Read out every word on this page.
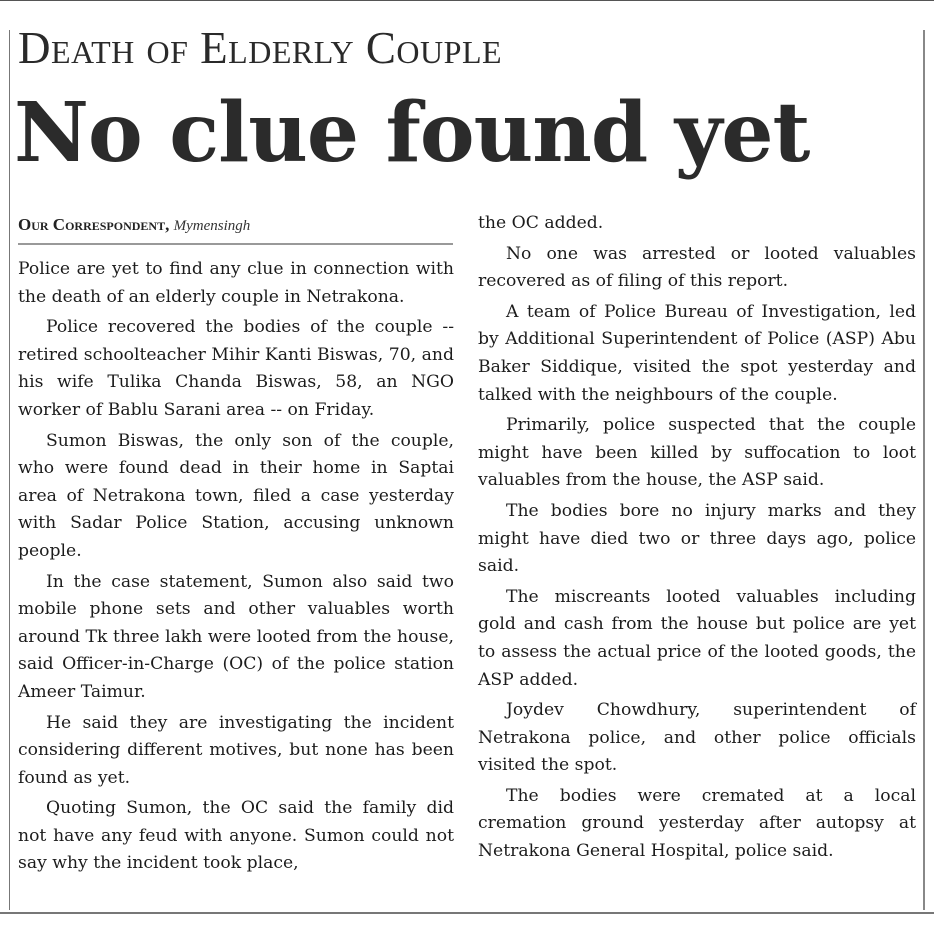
Death of Elderly Couple
No clue found yet
Our Correspondent, Mymensingh

Police are yet to find any clue in connection with the death of an elderly couple in Netrakona.

Police recovered the bodies of the couple -- retired schoolteacher Mihir Kanti Biswas, 70, and his wife Tulika Chanda Biswas, 58, an NGO worker of Bablu Sarani area -- on Friday.

Sumon Biswas, the only son of the couple, who were found dead in their home in Saptai area of Netrakona town, filed a case yesterday with Sadar Police Station, accusing unknown people.

In the case statement, Sumon also said two mobile phone sets and other valuables worth around Tk three lakh were looted from the house, said Officer-in-Charge (OC) of the police station Ameer Taimur.

He said they are investigating the incident considering different motives, but none has been found as yet.

Quoting Sumon, the OC said the family did not have any feud with anyone. Sumon could not say why the incident took place,

the OC added.

No one was arrested or looted valuables recovered as of filing of this report.

A team of Police Bureau of Investigation, led by Additional Superintendent of Police (ASP) Abu Baker Siddique, visited the spot yesterday and talked with the neighbours of the couple.

Primarily, police suspected that the couple might have been killed by suffocation to loot valuables from the house, the ASP said.

The bodies bore no injury marks and they might have died two or three days ago, police said.

The miscreants looted valuables including gold and cash from the house but police are yet to assess the actual price of the looted goods, the ASP added.

Joydev Chowdhury, superintendent of Netrakona police, and other police officials visited the spot.

The bodies were cremated at a local cremation ground yesterday after autopsy at Netrakona General Hospital, police said.
